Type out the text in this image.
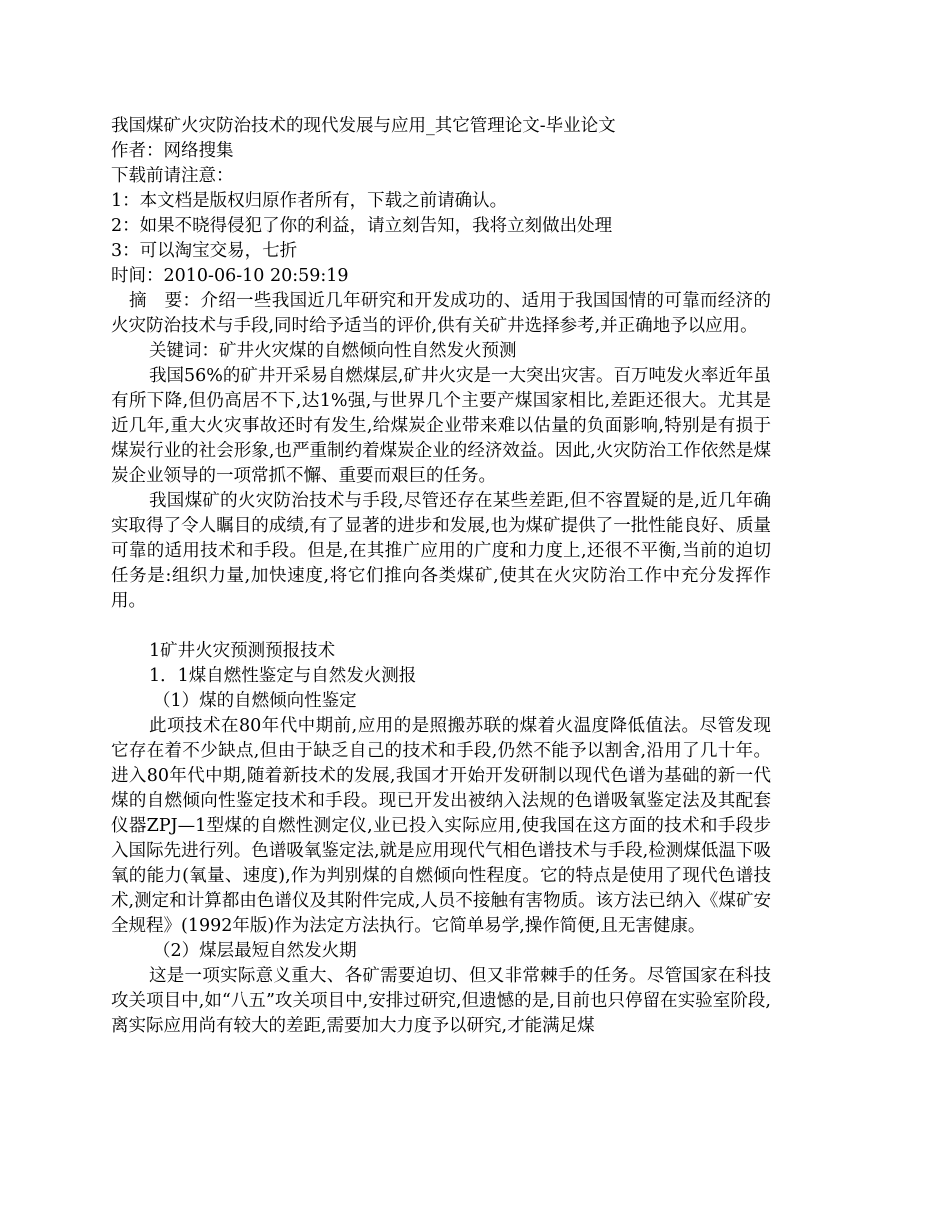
我国煤矿火灾防治技术的现代发展与应用_其它管理论文-毕业论文
作者：网络搜集
下载前请注意：
1：本文档是版权归原作者所有，下载之前请确认。
2：如果不晓得侵犯了你的利益，请立刻告知，我将立刻做出处理
3：可以淘宝交易，七折
时间：2010-06-10 20:59:19
摘　要：介绍一些我国近几年研究和开发成功的、适用于我国国情的可靠而经济的火灾防治技术与手段,同时给予适当的评价,供有关矿井选择参考,并正确地予以应用。
关键词：矿井火灾煤的自燃倾向性自然发火预测
我国56%的矿井开采易自燃煤层,矿井火灾是一大突出灾害。百万吨发火率近年虽有所下降,但仍高居不下,达1%强,与世界几个主要产煤国家相比,差距还很大。尤其是近几年,重大火灾事故还时有发生,给煤炭企业带来难以估量的负面影响,特别是有损于煤炭行业的社会形象,也严重制约着煤炭企业的经济效益。因此,火灾防治工作依然是煤炭企业领导的一项常抓不懈、重要而艰巨的任务。
我国煤矿的火灾防治技术与手段,尽管还存在某些差距,但不容置疑的是,近几年确实取得了令人瞩目的成绩,有了显著的进步和发展,也为煤矿提供了一批性能良好、质量可靠的适用技术和手段。但是,在其推广应用的广度和力度上,还很不平衡,当前的迫切任务是:组织力量,加快速度,将它们推向各类煤矿,使其在火灾防治工作中充分发挥作用。
1矿井火灾预测预报技术
1．1煤自燃性鉴定与自然发火测报
（1）煤的自燃倾向性鉴定
此项技术在80年代中期前,应用的是照搬苏联的煤着火温度降低值法。尽管发现它存在着不少缺点,但由于缺乏自己的技术和手段,仍然不能予以割舍,沿用了几十年。进入80年代中期,随着新技术的发展,我国才开始开发研制以现代色谱为基础的新一代煤的自燃倾向性鉴定技术和手段。现已开发出被纳入法规的色谱吸氧鉴定法及其配套仪器ZPJ—1型煤的自燃性测定仪,业已投入实际应用,使我国在这方面的技术和手段步入国际先进行列。色谱吸氧鉴定法,就是应用现代气相色谱技术与手段,检测煤低温下吸氧的能力(氧量、速度),作为判别煤的自燃倾向性程度。它的特点是使用了现代色谱技术,测定和计算都由色谱仪及其附件完成,人员不接触有害物质。该方法已纳入《煤矿安全规程》(1992年版)作为法定方法执行。它简单易学,操作简便,且无害健康。
（2）煤层最短自然发火期
这是一项实际意义重大、各矿需要迫切、但又非常棘手的任务。尽管国家在科技攻关项目中,如“八五”攻关项目中,安排过研究,但遗憾的是,目前也只停留在实验室阶段,离实际应用尚有较大的差距,需要加大力度予以研究,才能满足煤
